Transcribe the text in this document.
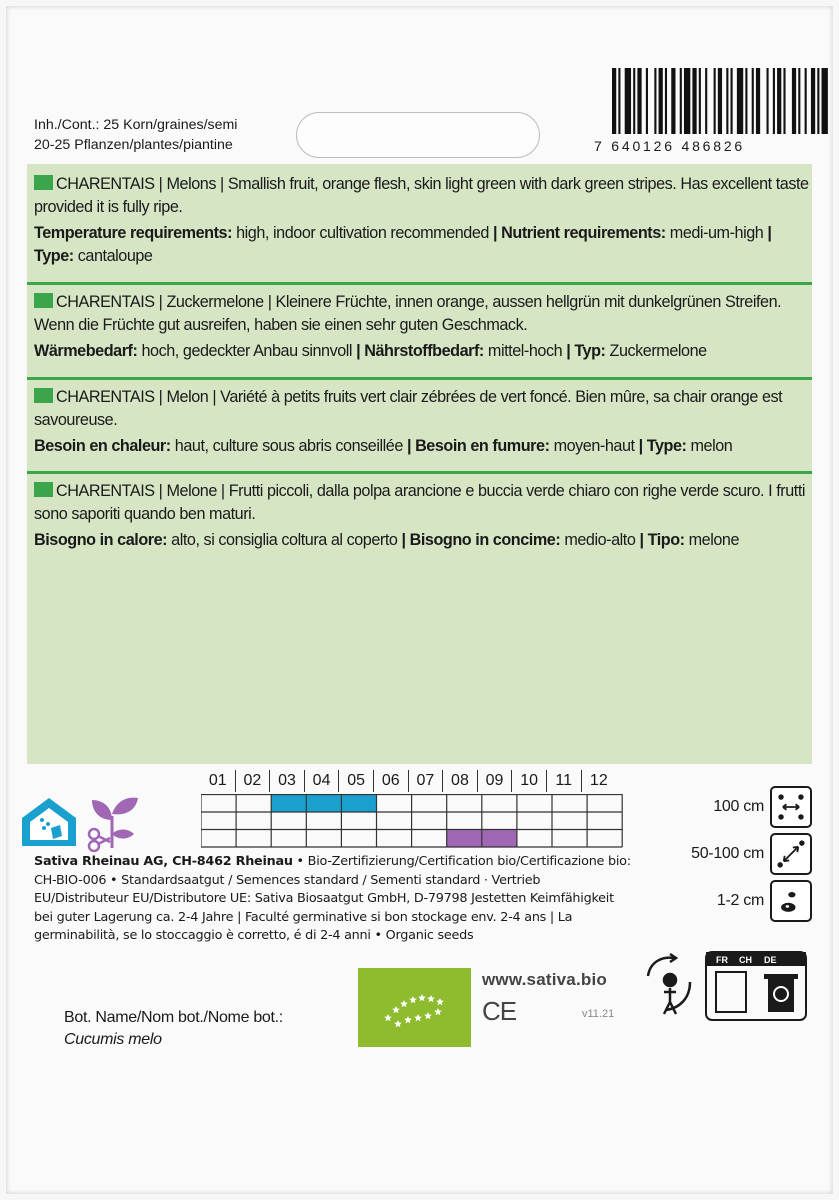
Inh./Cont.: 25 Korn/graines/semi
20-25 Pflanzen/plantes/piantine	7 640126 486826
CHARENTAIS | Melons | Smallish fruit, orange flesh, skin light green with dark green stripes. Has excellent taste provided it is fully ripe.
Temperature requirements: high, indoor cultivation recommended | Nutrient requirements: medi-um-high | Type: cantaloupe
CHARENTAIS | Zuckermelone | Kleinere Früchte, innen orange, aussen hellgrün mit dunkelgrünen Streifen. Wenn die Früchte gut ausreifen, haben sie einen sehr guten Geschmack.
Wärmebedarf: hoch, gedeckter Anbau sinnvoll | Nährstoffbedarf: mittel-hoch | Typ: Zuckermelone
CHARENTAIS | Melon | Variété à petits fruits vert clair zébrées de vert foncé. Bien mûre, sa chair orange est savoureuse.
Besoin en chaleur: haut, culture sous abris conseillée | Besoin en fumure: moyen-haut | Type: melon
CHARENTAIS | Melone | Frutti piccoli, dalla polpa arancione e buccia verde chiaro con righe verde scuro. I frutti sono saporiti quando ben maturi.
Bisogno in calore: alto, si consiglia coltura al coperto | Bisogno in concime: medio-alto | Tipo: melone
01	02	03	04	05	06	07	08	09	10	11	12
Sativa Rheinau AG, CH-8462 Rheinau • Bio-Zertifizierung/Certification bio/Certificazione bio: CH-BIO-006 • Standardsaatgut / Semences standard / Sementi standard · Vertrieb EU/Distributeur EU/Distributore UE: Sativa Biosaatgut GmbH, D-79798 Jestetten Keimfähigkeit bei guter Lagerung ca. 2-4 Jahre | Faculté germinative si bon stockage env. 2-4 ans | La germinabilità, se lo stoccaggio è corretto, é di 2-4 anni • Organic seeds
100 cm
50-100 cm
1-2 cm
www.sativa.bio
CE	v11.21
FR CH DE
Bot. Name/Nom bot./Nome bot.:
Cucumis melo
